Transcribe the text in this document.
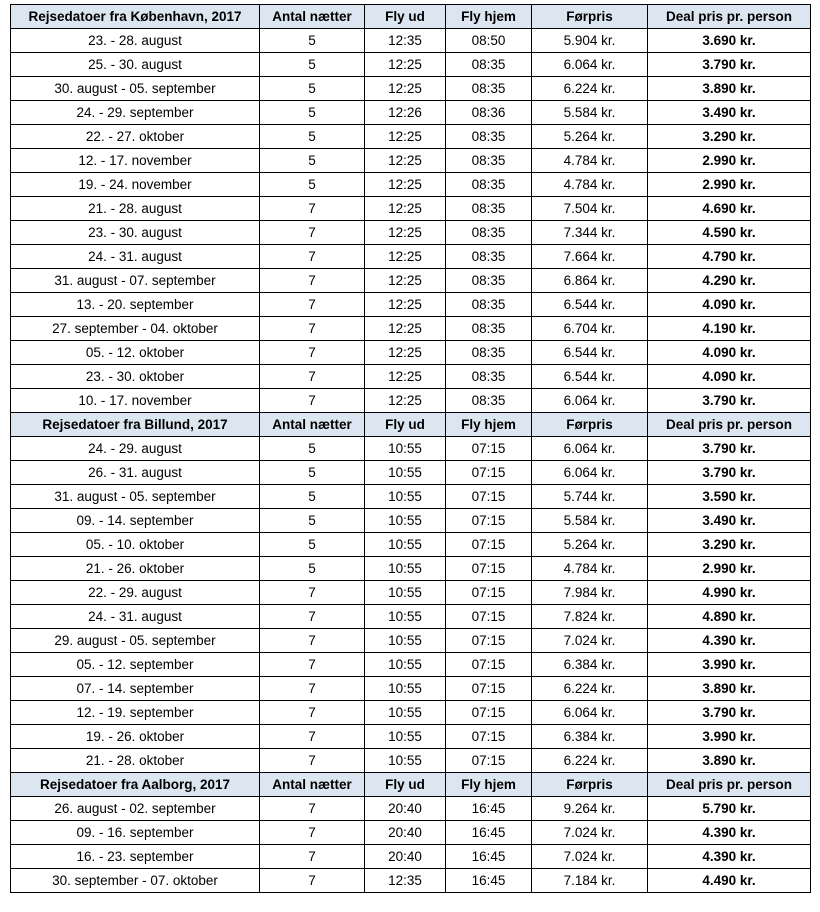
Rejsedatoer fra København, 2017	Antal nætter	Fly ud	Fly hjem	Førpris	Deal pris pr. person
23. - 28. august	5	12:35	08:50	5.904 kr.	3.690 kr.
25. - 30. august	5	12:25	08:35	6.064 kr.	3.790 kr.
30. august - 05. september	5	12:25	08:35	6.224 kr.	3.890 kr.
24. - 29. september	5	12:26	08:36	5.584 kr.	3.490 kr.
22. - 27. oktober	5	12:25	08:35	5.264 kr.	3.290 kr.
12. - 17. november	5	12:25	08:35	4.784 kr.	2.990 kr.
19. - 24. november	5	12:25	08:35	4.784 kr.	2.990 kr.
21. - 28. august	7	12:25	08:35	7.504 kr.	4.690 kr.
23. - 30. august	7	12:25	08:35	7.344 kr.	4.590 kr.
24. - 31. august	7	12:25	08:35	7.664 kr.	4.790 kr.
31. august - 07. september	7	12:25	08:35	6.864 kr.	4.290 kr.
13. - 20. september	7	12:25	08:35	6.544 kr.	4.090 kr.
27. september - 04. oktober	7	12:25	08:35	6.704 kr.	4.190 kr.
05. - 12. oktober	7	12:25	08:35	6.544 kr.	4.090 kr.
23. - 30. oktober	7	12:25	08:35	6.544 kr.	4.090 kr.
10. - 17. november	7	12:25	08:35	6.064 kr.	3.790 kr.
Rejsedatoer fra Billund, 2017	Antal nætter	Fly ud	Fly hjem	Førpris	Deal pris pr. person
24. - 29. august	5	10:55	07:15	6.064 kr.	3.790 kr.
26. - 31. august	5	10:55	07:15	6.064 kr.	3.790 kr.
31. august - 05. september	5	10:55	07:15	5.744 kr.	3.590 kr.
09. - 14. september	5	10:55	07:15	5.584 kr.	3.490 kr.
05. - 10. oktober	5	10:55	07:15	5.264 kr.	3.290 kr.
21. - 26. oktober	5	10:55	07:15	4.784 kr.	2.990 kr.
22. - 29. august	7	10:55	07:15	7.984 kr.	4.990 kr.
24. - 31. august	7	10:55	07:15	7.824 kr.	4.890 kr.
29. august - 05. september	7	10:55	07:15	7.024 kr.	4.390 kr.
05. - 12. september	7	10:55	07:15	6.384 kr.	3.990 kr.
07. - 14. september	7	10:55	07:15	6.224 kr.	3.890 kr.
12. - 19. september	7	10:55	07:15	6.064 kr.	3.790 kr.
19. - 26. oktober	7	10:55	07:15	6.384 kr.	3.990 kr.
21. - 28. oktober	7	10:55	07:15	6.224 kr.	3.890 kr.
Rejsedatoer fra Aalborg, 2017	Antal nætter	Fly ud	Fly hjem	Førpris	Deal pris pr. person
26. august - 02. september	7	20:40	16:45	9.264 kr.	5.790 kr.
09. - 16. september	7	20:40	16:45	7.024 kr.	4.390 kr.
16. - 23. september	7	20:40	16:45	7.024 kr.	4.390 kr.
30. september - 07. oktober	7	12:35	16:45	7.184 kr.	4.490 kr.
